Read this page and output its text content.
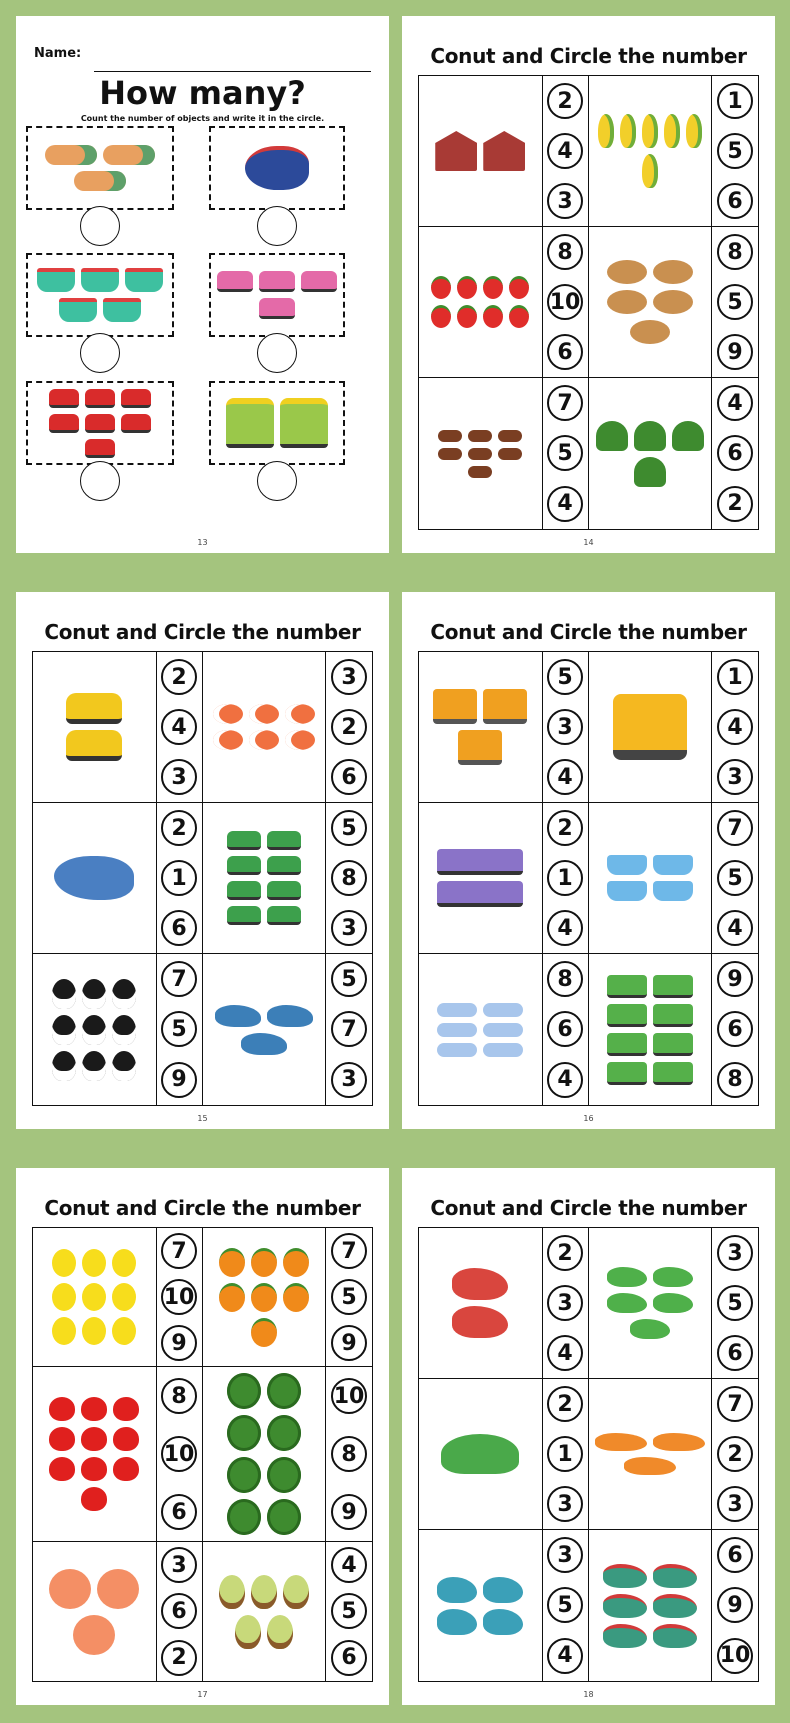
Name:
How many?
Count the number of objects and write it in the circle.
13
Conut and Circle the number
2
4
3
1
5
6
8
10
6
8
5
9
7
5
4
4
6
2
14
Conut and Circle the number
2
4
3
3
2
6
2
1
6
5
8
3
7
5
9
5
7
3
15
Conut and Circle the number
5
3
4
1
4
3
2
1
4
7
5
4
8
6
4
9
6
8
16
Conut and Circle the number
7
10
9
7
5
9
8
10
6
10
8
9
3
6
2
4
5
6
17
Conut and Circle the number
2
3
4
3
5
6
2
1
3
7
2
3
3
5
4
6
9
10
18
